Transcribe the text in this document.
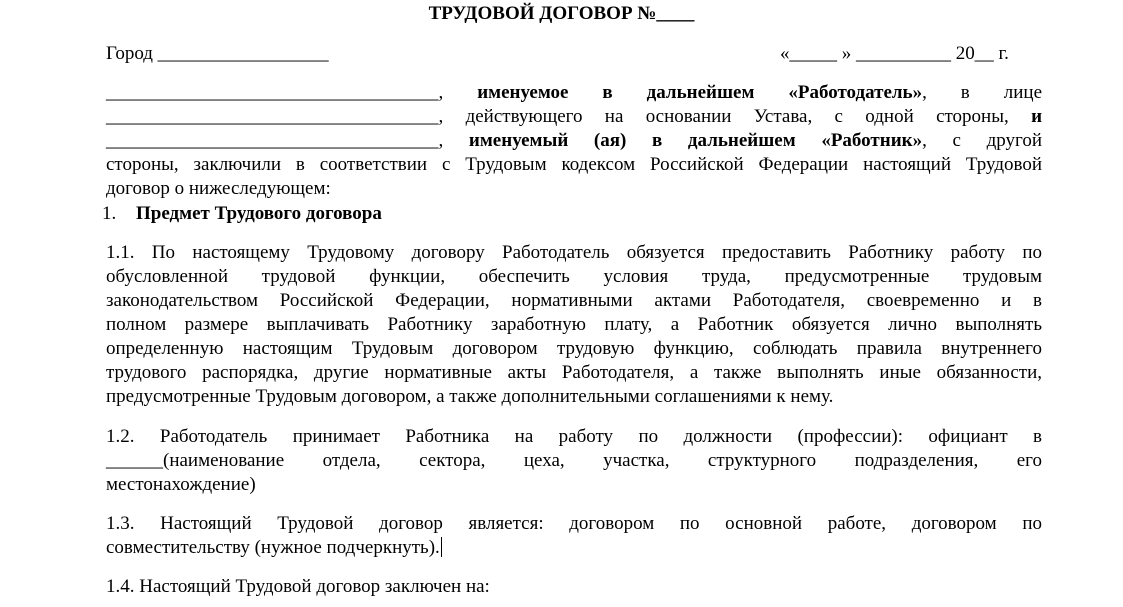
ТРУДОВОЙ ДОГОВОР №____
Город __________________	«_____ » __________ 20__ г.
___________________________________, именуемое в дальнейшем «Работодатель», в лице
___________________________________, действующего на основании Устава, с одной стороны, и
___________________________________, именуемый (ая) в дальнейшем «Работник», с другой
стороны, заключили в соответствии с Трудовым кодексом Российской Федерации настоящий Трудовой
договор о нижеследующем:
1. Предмет Трудового договора
1.1. По настоящему Трудовому договору Работодатель обязуется предоставить Работнику работу по
обусловленной трудовой функции, обеспечить условия труда, предусмотренные трудовым
законодательством Российской Федерации, нормативными актами Работодателя, своевременно и в
полном размере выплачивать Работнику заработную плату, а Работник обязуется лично выполнять
определенную настоящим Трудовым договором трудовую функцию, соблюдать правила внутреннего
трудового распорядка, другие нормативные акты Работодателя, а также выполнять иные обязанности,
предусмотренные Трудовым договором, а также дополнительными соглашениями к нему.
1.2. Работодатель принимает Работника на работу по должности (профессии): официант в
______(наименование отдела, сектора, цеха, участка, структурного подразделения, его
местонахождение)
1.3. Настоящий Трудовой договор является: договором по основной работе, договором по
совместительству (нужное подчеркнуть).
1.4. Настоящий Трудовой договор заключен на:
